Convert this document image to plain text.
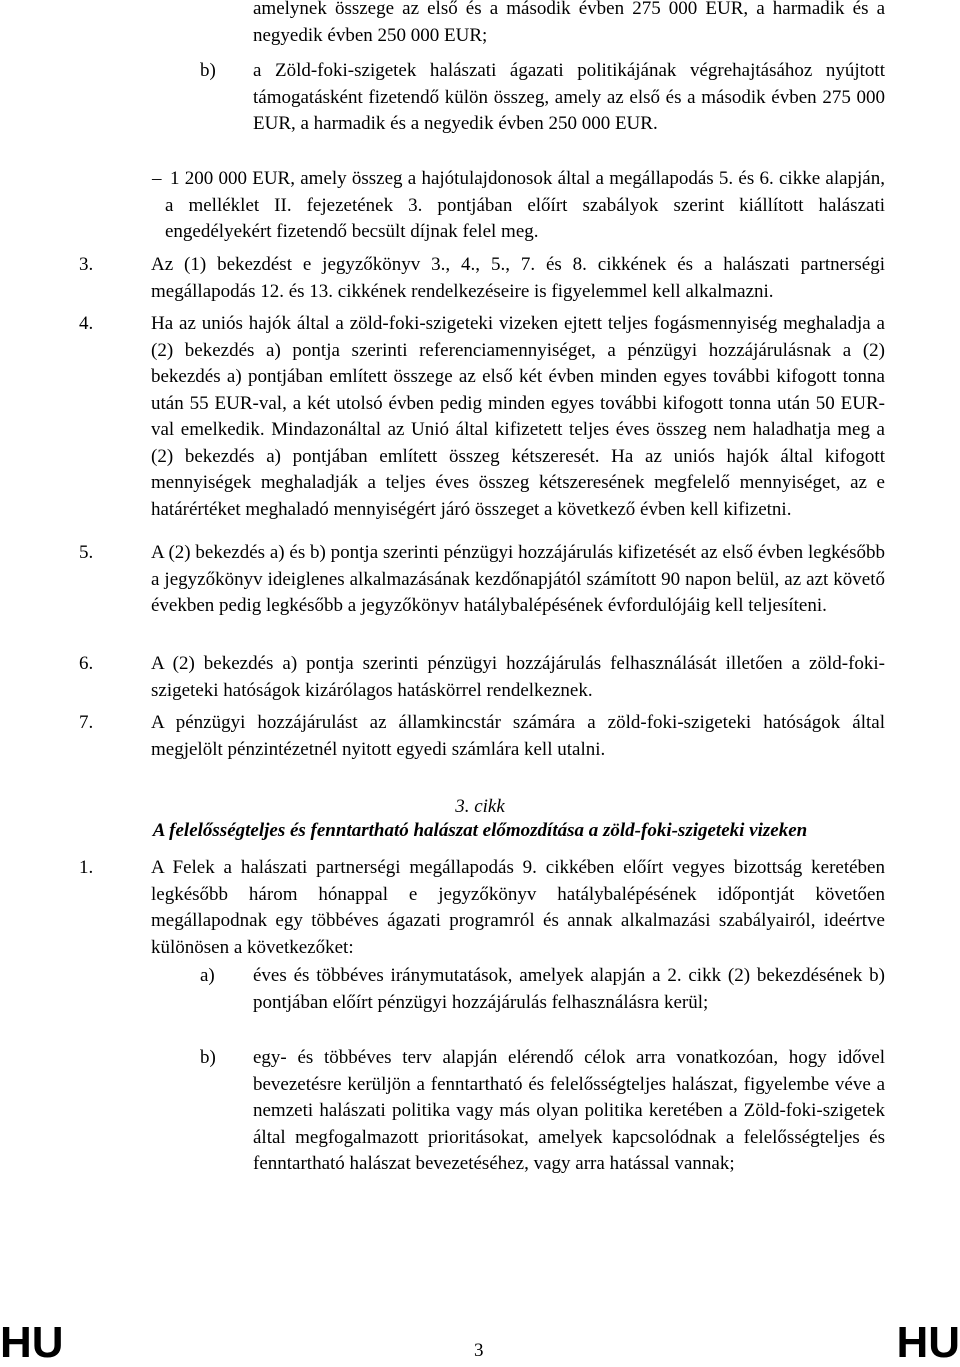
amelynek összege az első és a második évben 275 000 EUR, a harmadik és a negyedik évben 250 000 EUR;
b) a Zöld-foki-szigetek halászati ágazati politikájának végrehajtásához nyújtott támogatásként fizetendő külön összeg, amely az első és a második évben 275 000 EUR, a harmadik és a negyedik évben 250 000 EUR.
– 1 200 000 EUR, amely összeg a hajótulajdonosok által a megállapodás 5. és 6. cikke alapján, a melléklet II. fejezetének 3. pontjában előírt szabályok szerint kiállított halászati engedélyekért fizetendő becsült díjnak felel meg.
3.	Az (1) bekezdést e jegyzőkönyv 3., 4., 5., 7. és 8. cikkének és a halászati partnerségi megállapodás 12. és 13. cikkének rendelkezéseire is figyelemmel kell alkalmazni.
4.	Ha az uniós hajók által a zöld-foki-szigeteki vizeken ejtett teljes fogásmennyiség meghaladja a (2) bekezdés a) pontja szerinti referenciamennyiséget, a pénzügyi hozzájárulásnak a (2) bekezdés a) pontjában említett összege az első két évben minden egyes további kifogott tonna után 55 EUR-val, a két utolsó évben pedig minden egyes további kifogott tonna után 50 EUR-val emelkedik. Mindazonáltal az Unió által kifizetett teljes éves összeg nem haladhatja meg a (2) bekezdés a) pontjában említett összeg kétszeresét. Ha az uniós hajók által kifogott mennyiségek meghaladják a teljes éves összeg kétszeresének megfelelő mennyiséget, az e határértéket meghaladó mennyiségért járó összeget a következő évben kell kifizetni.
5.	A (2) bekezdés a) és b) pontja szerinti pénzügyi hozzájárulás kifizetését az első évben legkésőbb a jegyzőkönyv ideiglenes alkalmazásának kezdőnapjától számított 90 napon belül, az azt követő években pedig legkésőbb a jegyzőkönyv hatálybalépésének évfordulójáig kell teljesíteni.
6.	A (2) bekezdés a) pontja szerinti pénzügyi hozzájárulás felhasználását illetően a zöld-foki-szigeteki hatóságok kizárólagos hatáskörrel rendelkeznek.
7.	A pénzügyi hozzájárulást az államkincstár számára a zöld-foki-szigeteki hatóságok által megjelölt pénzintézetnél nyitott egyedi számlára kell utalni.
3. cikk
A felelősségteljes és fenntartható halászat előmozdítása a zöld-foki-szigeteki vizeken
1.	A Felek a halászati partnerségi megállapodás 9. cikkében előírt vegyes bizottság keretében legkésőbb három hónappal e jegyzőkönyv hatálybalépésének időpontját követően megállapodnak egy többéves ágazati programról és annak alkalmazási szabályairól, ideértve különösen a következőket:
a) éves és többéves iránymutatások, amelyek alapján a 2. cikk (2) bekezdésének b) pontjában előírt pénzügyi hozzájárulás felhasználásra kerül;
b) egy- és többéves terv alapján elérendő célok arra vonatkozóan, hogy idővel bevezetésre kerüljön a fenntartható és felelősségteljes halászat, figyelembe véve a nemzeti halászati politika vagy más olyan politika keretében a Zöld-foki-szigetek által megfogalmazott prioritásokat, amelyek kapcsolódnak a felelősségteljes és fenntartható halászat bevezetéséhez, vagy arra hatással vannak;
HU	3	HU
